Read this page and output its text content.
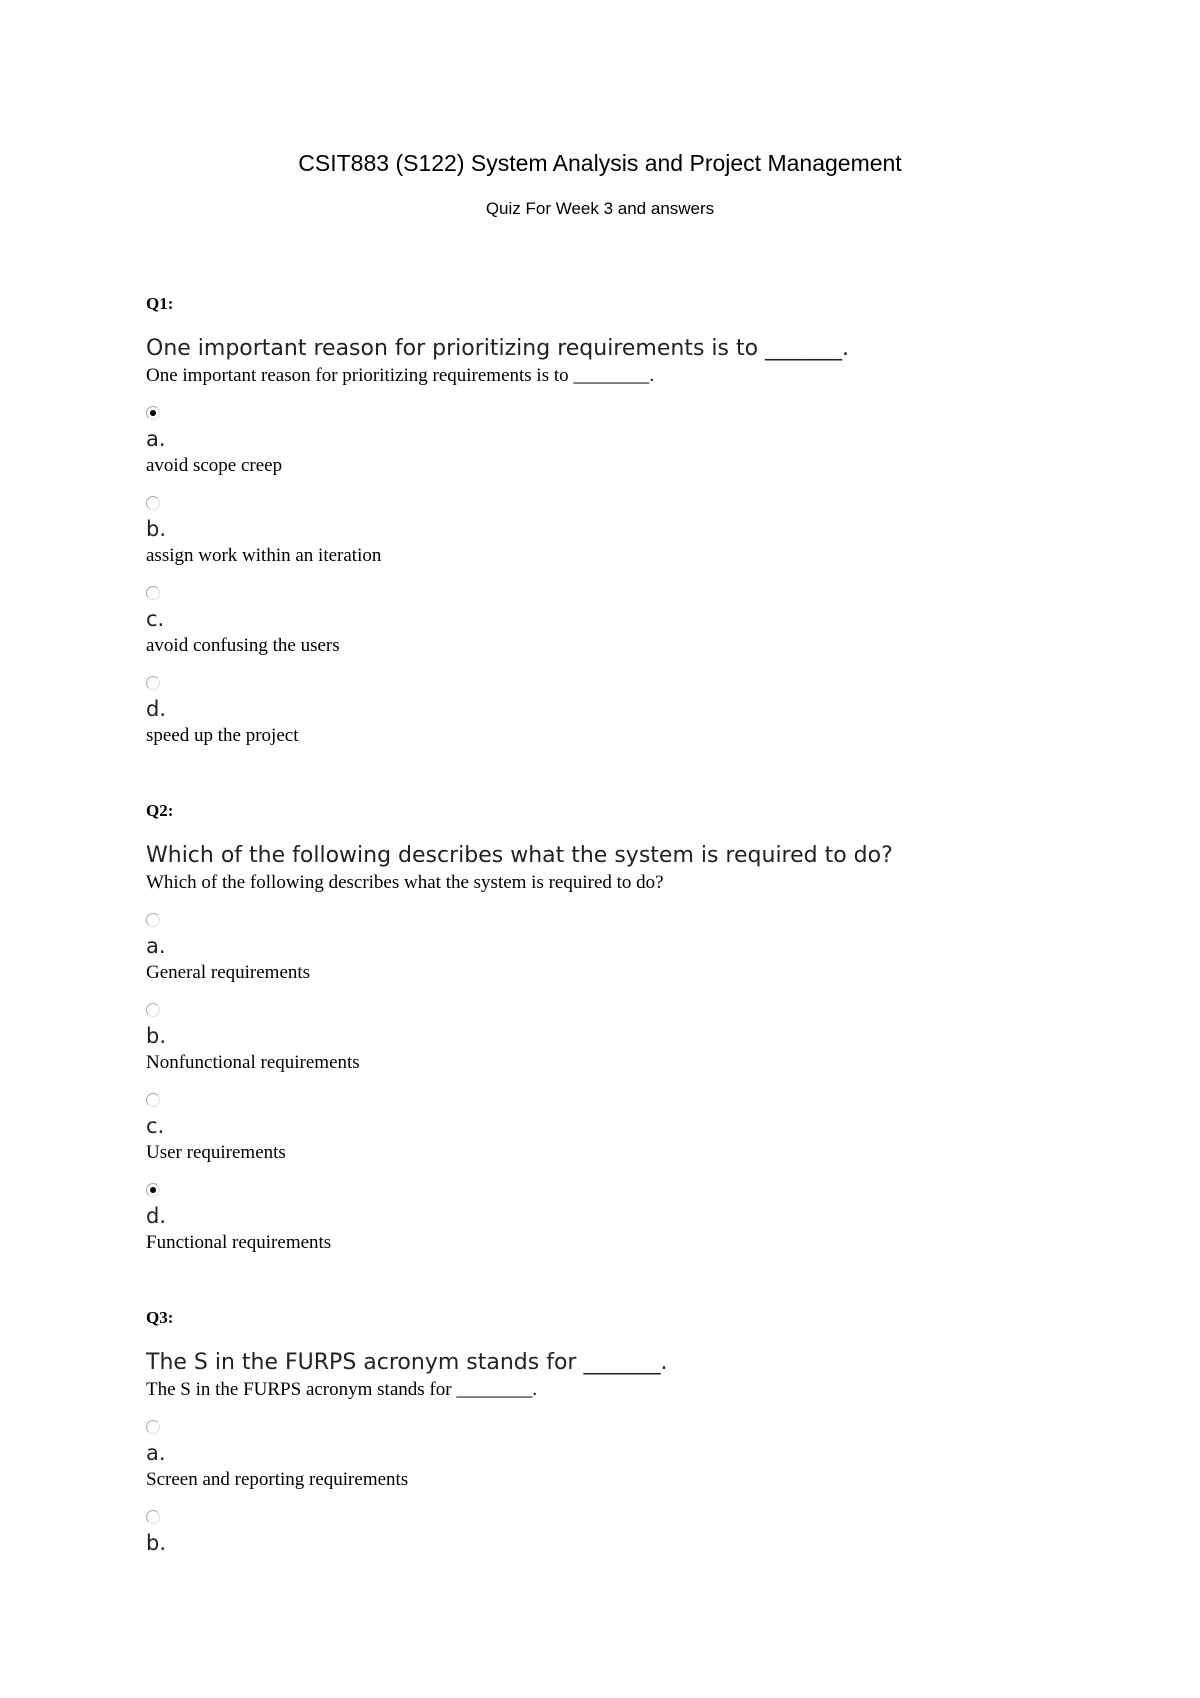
CSIT883 (S122) System Analysis and Project Management
Quiz For Week 3 and answers
Q1:
One important reason for prioritizing requirements is to _______.
One important reason for prioritizing requirements is to ________.
a.
avoid scope creep
b.
assign work within an iteration
c.
avoid confusing the users
d.
speed up the project
Q2:
Which of the following describes what the system is required to do?
Which of the following describes what the system is required to do?
a.
General requirements
b.
Nonfunctional requirements
c.
User requirements
d.
Functional requirements
Q3:
The S in the FURPS acronym stands for _______.
The S in the FURPS acronym stands for ________.
a.
Screen and reporting requirements
b.
